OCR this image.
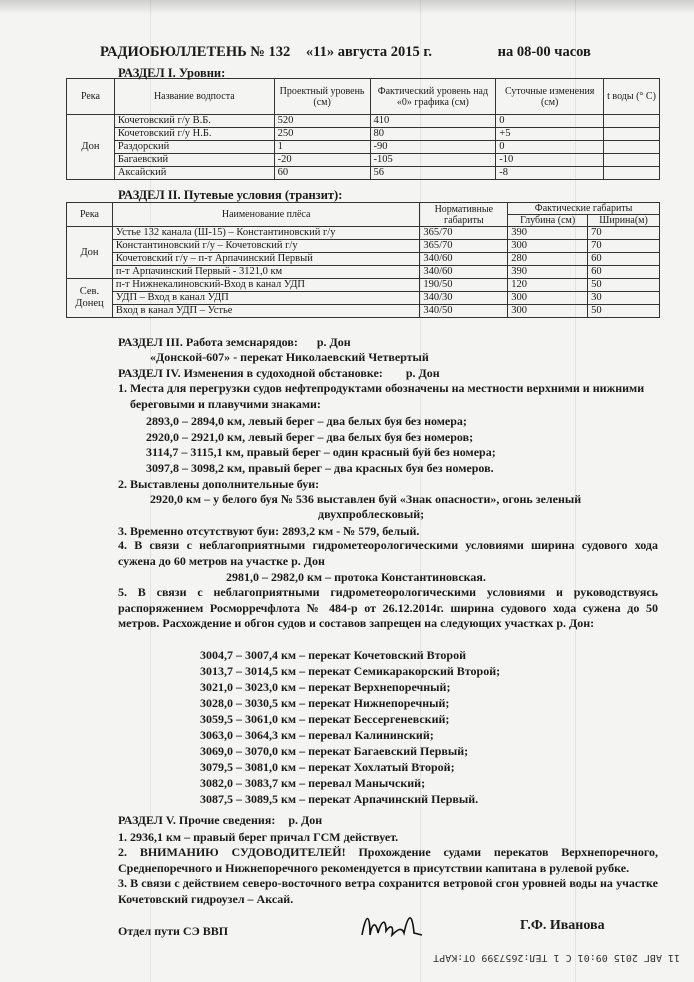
РАДИОБЮЛЛЕТЕНЬ № 132 «11» августа 2015 г.	на 08-00 часов
РАЗДЕЛ I. Уровни:
Река	Название водпоста	Проектный уровень (см)	Фактический уровень над «0» графика (см)	Суточные изменения (см)	t воды (° C)
Дон	Кочетовский г/у В.Б.	520	410	0	
	Кочетовский г/у Н.Б.	250	80	+5	
	Раздорский	1	-90	0	
	Багаевский	-20	-105	-10	
	Аксайский	60	56	-8	
РАЗДЕЛ II. Путевые условия (транзит):
Река	Наименование плёса	Нормативные габариты	Фактические габариты	
			Глубина (см)	Ширина(м)
Дон	Устье 132 канала (Ш-15) – Константиновский г/у	365/70	390	70
	Константиновский г/у – Кочетовский г/у	365/70	300	70
	Кочетовский г/у – п-т Арпачинский Первый	340/60	280	60
	п-т Арпачинский Первый - 3121,0 км	340/60	390	60
Сев. Донец	п-т Нижнекалиновский-Вход в канал УДП	190/50	120	50
	УДП – Вход в канал УДП	340/30	300	30
	Вход в канал УДП – Устье	340/50	300	50
РАЗДЕЛ III. Работа земснарядов: р. Дон
«Донской-607» - перекат Николаевский Четвертый
РАЗДЕЛ IV. Изменения в судоходной обстановке: р. Дон
1. Места для перегрузки судов нефтепродуктами обозначены на местности верхними и нижними береговыми и плавучими знаками:
2893,0 – 2894,0 км, левый берег – два белых буя без номера;
2920,0 – 2921,0 км, левый берег – два белых буя без номеров;
3114,7 – 3115,1 км, правый берег – один красный буй без номера;
3097,8 – 3098,2 км, правый берег – два красных буя без номеров.
2. Выставлены дополнительные буи:
2920,0 км – у белого буя № 536 выставлен буй «Знак опасности», огонь зеленый
двухпроблесковый;
3. Временно отсутствуют буи: 2893,2 км - № 579, белый.
4. В связи с неблагоприятными гидрометеорологическими условиями ширина судового хода сужена до 60 метров на участке р. Дон
2981,0 – 2982,0 км – протока Константиновская.
5. В связи с неблагоприятными гидрометеорологическими условиями и руководствуясь распоряжением Росморречфлота № 484-р от 26.12.2014г. ширина судового хода сужена до 50 метров. Расхождение и обгон судов и составов запрещен на следующих участках р. Дон:
3004,7 – 3007,4 км – перекат Кочетовский Второй
3013,7 – 3014,5 км – перекат Семикаракорский Второй;
3021,0 – 3023,0 км – перекат Верхнепоречный;
3028,0 – 3030,5 км – перекат Нижнепоречный;
3059,5 – 3061,0 км – перекат Бессергеневский;
3063,0 – 3064,3 км – перевал Калининский;
3069,0 – 3070,0 км – перекат Багаевский Первый;
3079,5 – 3081,0 км – перекат Хохлатый Второй;
3082,0 – 3083,7 км – перевал Манычский;
3087,5 – 3089,5 км – перекат Арпачинский Первый.
РАЗДЕЛ V. Прочие сведения: р. Дон
1. 2936,1 км – правый берег причал ГСМ действует.
2. ВНИМАНИЮ СУДОВОДИТЕЛЕЙ! Прохождение судами перекатов Верхнепоречного, Среднепоречного и Нижнепоречного рекомендуется в присутствии капитана в рулевой рубке.
3. В связи с действием северо-восточного ветра сохранится ветровой сгон уровней воды на участке Кочетовский гидроузел – Аксай.
Отдел пути СЭ ВВП	Г.Ф. Иванова
11 АВГ 2015 09:01 С 1 ТЕЛ:2657399 ОТ:КАРТ
